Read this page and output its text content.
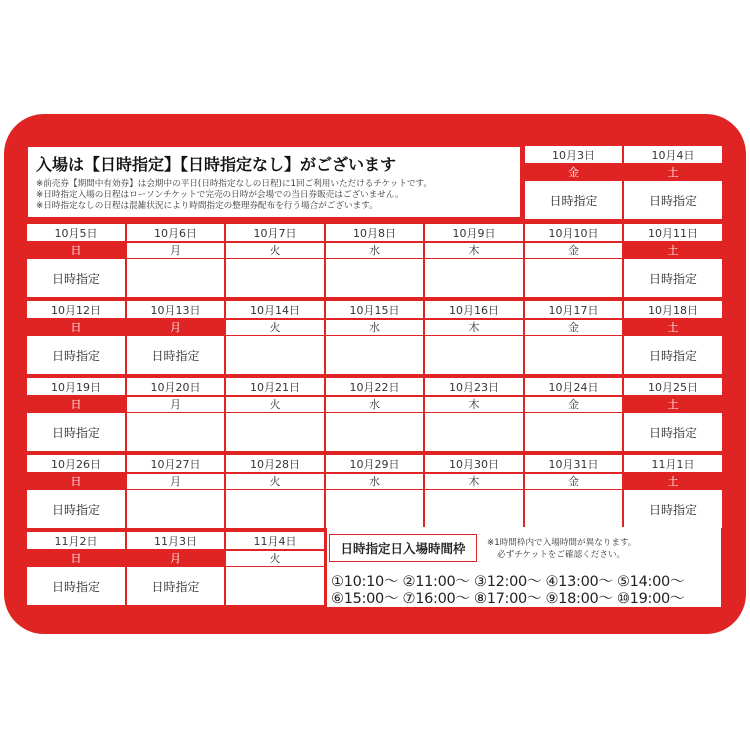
入場は【日時指定】【日時指定なし】がございます
※前売券【期間中有効券】は会期中の平日(日時指定なしの日程)に1回ご利用いただけるチケットです。
※日時指定入場の日程はローソンチケットで完売の日時が会場での当日券販売はございません。
※日時指定なしの日程は混雑状況により時間指定の整理券配布を行う場合がございます。
10月3日
金
日時指定
10月4日
土
日時指定
10月5日
日
日時指定
10月6日
月
10月7日
火
10月8日
水
10月9日
木
10月10日
金
10月11日
土
日時指定
10月12日
日
日時指定
10月13日
月
日時指定
10月14日
火
10月15日
水
10月16日
木
10月17日
金
10月18日
土
日時指定
10月19日
日
日時指定
10月20日
月
10月21日
火
10月22日
水
10月23日
木
10月24日
金
10月25日
土
日時指定
10月26日
日
日時指定
10月27日
月
10月28日
火
10月29日
水
10月30日
木
10月31日
金
11月1日
土
日時指定
11月2日
日
日時指定
11月3日
月
日時指定
11月4日
火
日時指定日入場時間枠	※1時間枠内で入場時間が異なります。
必ずチケットをご確認ください。
①10:10～ ②11:00～ ③12:00～ ④13:00～ ⑤14:00～
⑥15:00～ ⑦16:00～ ⑧17:00～ ⑨18:00～ ⑩19:00～
